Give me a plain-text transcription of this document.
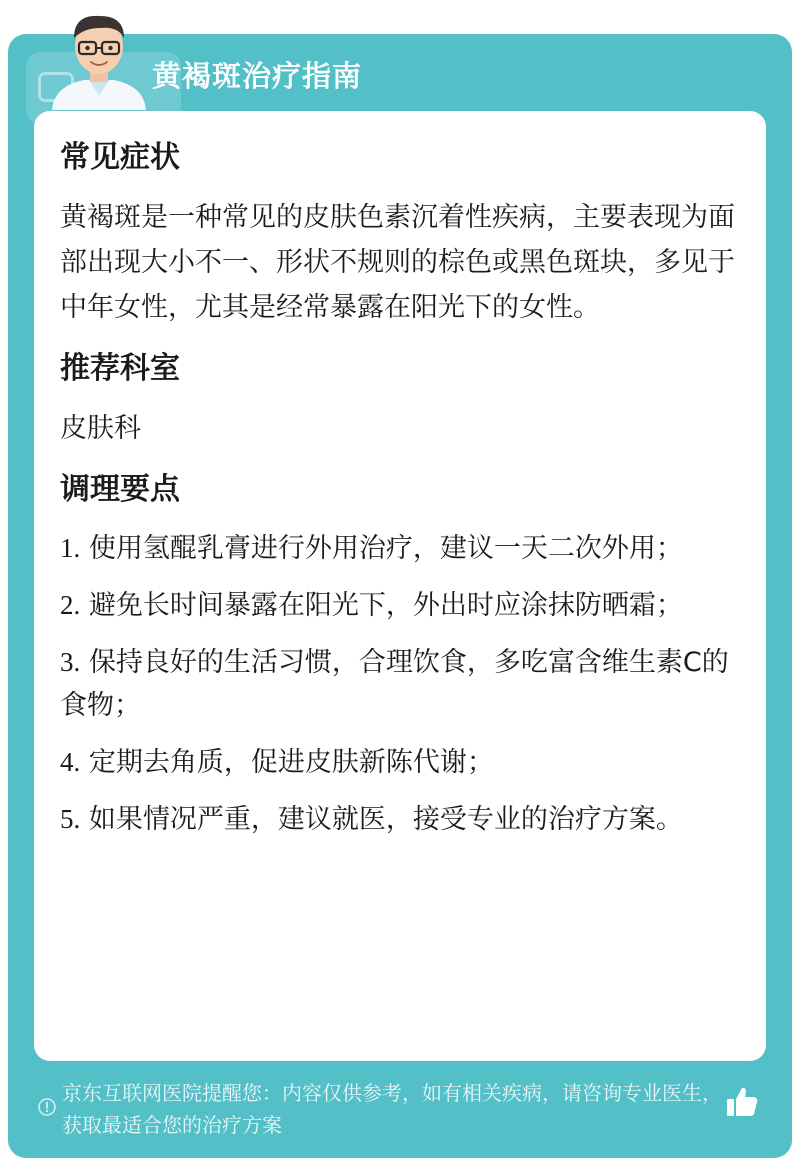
黄褐斑治疗指南
常见症状

黄褐斑是一种常见的皮肤色素沉着性疾病，主要表现为面部出现大小不一、形状不规则的棕色或黑色斑块，多见于中年女性，尤其是经常暴露在阳光下的女性。

推荐科室

皮肤科

调理要点
1. 使用氢醌乳膏进行外用治疗，建议一天二次外用；
2. 避免长时间暴露在阳光下，外出时应涂抹防晒霜；
3. 保持良好的生活习惯，合理饮食，多吃富含维生素C的食物；
4. 定期去角质，促进皮肤新陈代谢；
5. 如果情况严重，建议就医，接受专业的治疗方案。
京东互联网医院提醒您：内容仅供参考，如有相关疾病，请咨询专业医生，获取最适合您的治疗方案
